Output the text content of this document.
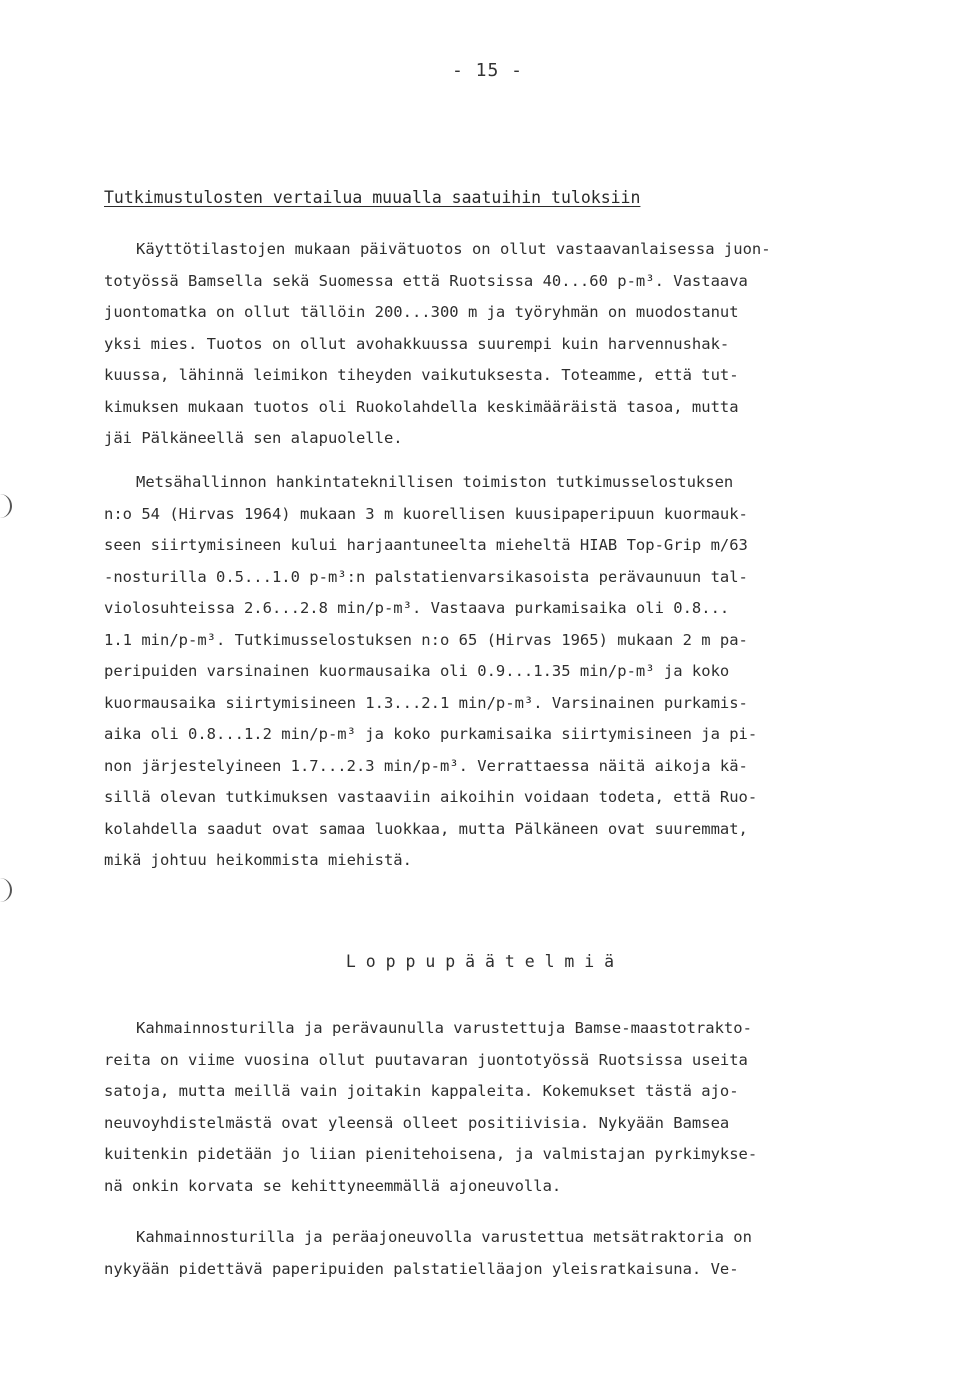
- 15 -
Tutkimustulosten vertailua muualla saatuihin tuloksiin
Käyttötilastojen mukaan päivätuotos on ollut vastaavanlaisessa juon-
totyössä Bamsella sekä Suomessa että Ruotsissa 40...60 p-m³. Vastaava
juontomatka on ollut tällöin 200...300 m ja työryhmän on muodostanut
yksi mies. Tuotos on ollut avohakkuussa suurempi kuin harvennushak-
kuussa, lähinnä leimikon tiheyden vaikutuksesta. Toteamme, että tut-
kimuksen mukaan tuotos oli Ruokolahdella keskimääräistä tasoa, mutta
jäi Pälkäneellä sen alapuolelle.
Metsähallinnon hankintateknillisen toimiston tutkimusselostuksen
n:o 54 (Hirvas 1964) mukaan 3 m kuorellisen kuusipaperipuun kuormauk-
seen siirtymisineen kului harjaantuneelta mieheltä HIAB Top-Grip m/63
-nosturilla 0.5...1.0 p-m³:n palstatienvarsikasoista perävaunuun tal-
violosuhteissa 2.6...2.8 min/p-m³. Vastaava purkamisaika oli 0.8...
1.1 min/p-m³. Tutkimusselostuksen n:o 65 (Hirvas 1965) mukaan 2 m pa-
peripuiden varsinainen kuormausaika oli 0.9...1.35 min/p-m³ ja koko
kuormausaika siirtymisineen 1.3...2.1 min/p-m³. Varsinainen purkamis-
aika oli 0.8...1.2 min/p-m³ ja koko purkamisaika siirtymisineen ja pi-
non järjestelyineen 1.7...2.3 min/p-m³. Verrattaessa näitä aikoja kä-
sillä olevan tutkimuksen vastaaviin aikoihin voidaan todeta, että Ruo-
kolahdella saadut ovat samaa luokkaa, mutta Pälkäneen ovat suuremmat,
mikä johtuu heikommista miehistä.
L o p p u p ä ä t e l m i ä
Kahmainnosturilla ja perävaunulla varustettuja Bamse-maastotrakto-
reita on viime vuosina ollut puutavaran juontotyössä Ruotsissa useita
satoja, mutta meillä vain joitakin kappaleita. Kokemukset tästä ajo-
neuvoyhdistelmästä ovat yleensä olleet positiivisia. Nykyään Bamsea
kuitenkin pidetään jo liian pienitehoisena, ja valmistajan pyrkimykse-
nä onkin korvata se kehittyneemmällä ajoneuvolla.
Kahmainnosturilla ja peräajoneuvolla varustettua metsätraktoria on
nykyään pidettävä paperipuiden palstatielläajon yleisratkaisuna. Ve-
